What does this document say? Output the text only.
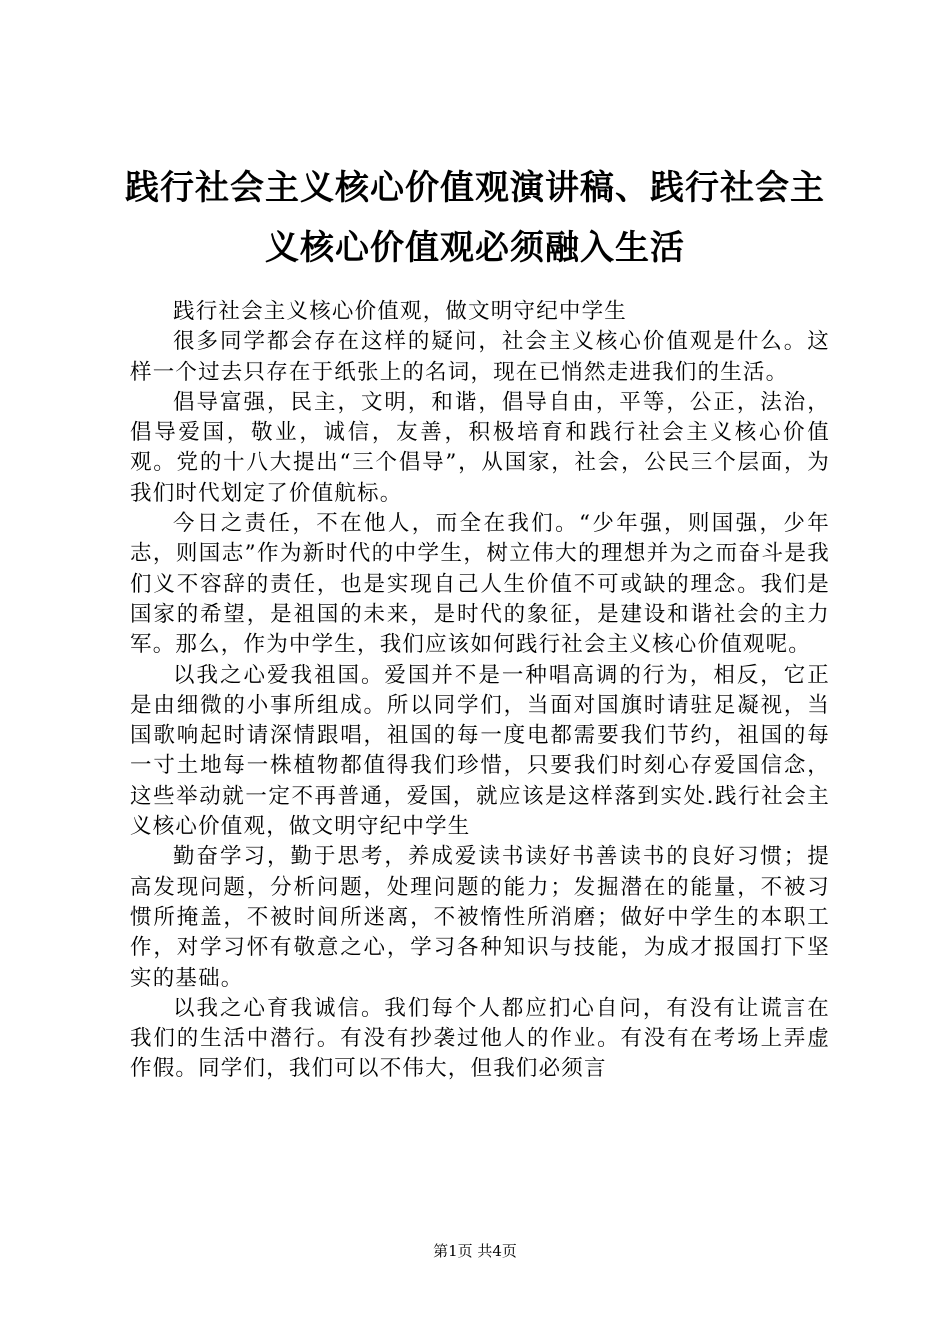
践行社会主义核心价值观演讲稿、践行社会主义核心价值观必须融入生活

践行社会主义核心价值观，做文明守纪中学生

很多同学都会存在这样的疑问，社会主义核心价值观是什么。这样一个过去只存在于纸张上的名词，现在已悄然走进我们的生活。

倡导富强，民主，文明，和谐，倡导自由，平等，公正，法治，倡导爱国，敬业，诚信，友善，积极培育和践行社会主义核心价值观。党的十八大提出“三个倡导”，从国家，社会，公民三个层面，为我们时代划定了价值航标。

今日之责任，不在他人，而全在我们。“少年强，则国强，少年志，则国志”作为新时代的中学生，树立伟大的理想并为之而奋斗是我们义不容辞的责任，也是实现自己人生价值不可或缺的理念。我们是国家的希望，是祖国的未来，是时代的象征，是建设和谐社会的主力军。那么，作为中学生，我们应该如何践行社会主义核心价值观呢。

以我之心爱我祖国。爱国并不是一种唱高调的行为，相反，它正是由细微的小事所组成。所以同学们，当面对国旗时请驻足凝视，当国歌响起时请深情跟唱，祖国的每一度电都需要我们节约，祖国的每一寸土地每一株植物都值得我们珍惜，只要我们时刻心存爱国信念，这些举动就一定不再普通，爱国，就应该是这样落到实处.践行社会主义核心价值观，做文明守纪中学生

勤奋学习，勤于思考，养成爱读书读好书善读书的良好习惯；提高发现问题，分析问题，处理问题的能力；发掘潜在的能量，不被习惯所掩盖，不被时间所迷离，不被惰性所消磨；做好中学生的本职工作，对学习怀有敬意之心，学习各种知识与技能，为成才报国打下坚实的基础。

以我之心育我诚信。我们每个人都应扪心自问，有没有让谎言在我们的生活中潜行。有没有抄袭过他人的作业。有没有在考场上弄虚作假。同学们，我们可以不伟大，但我们必须言

第1页 共4页
